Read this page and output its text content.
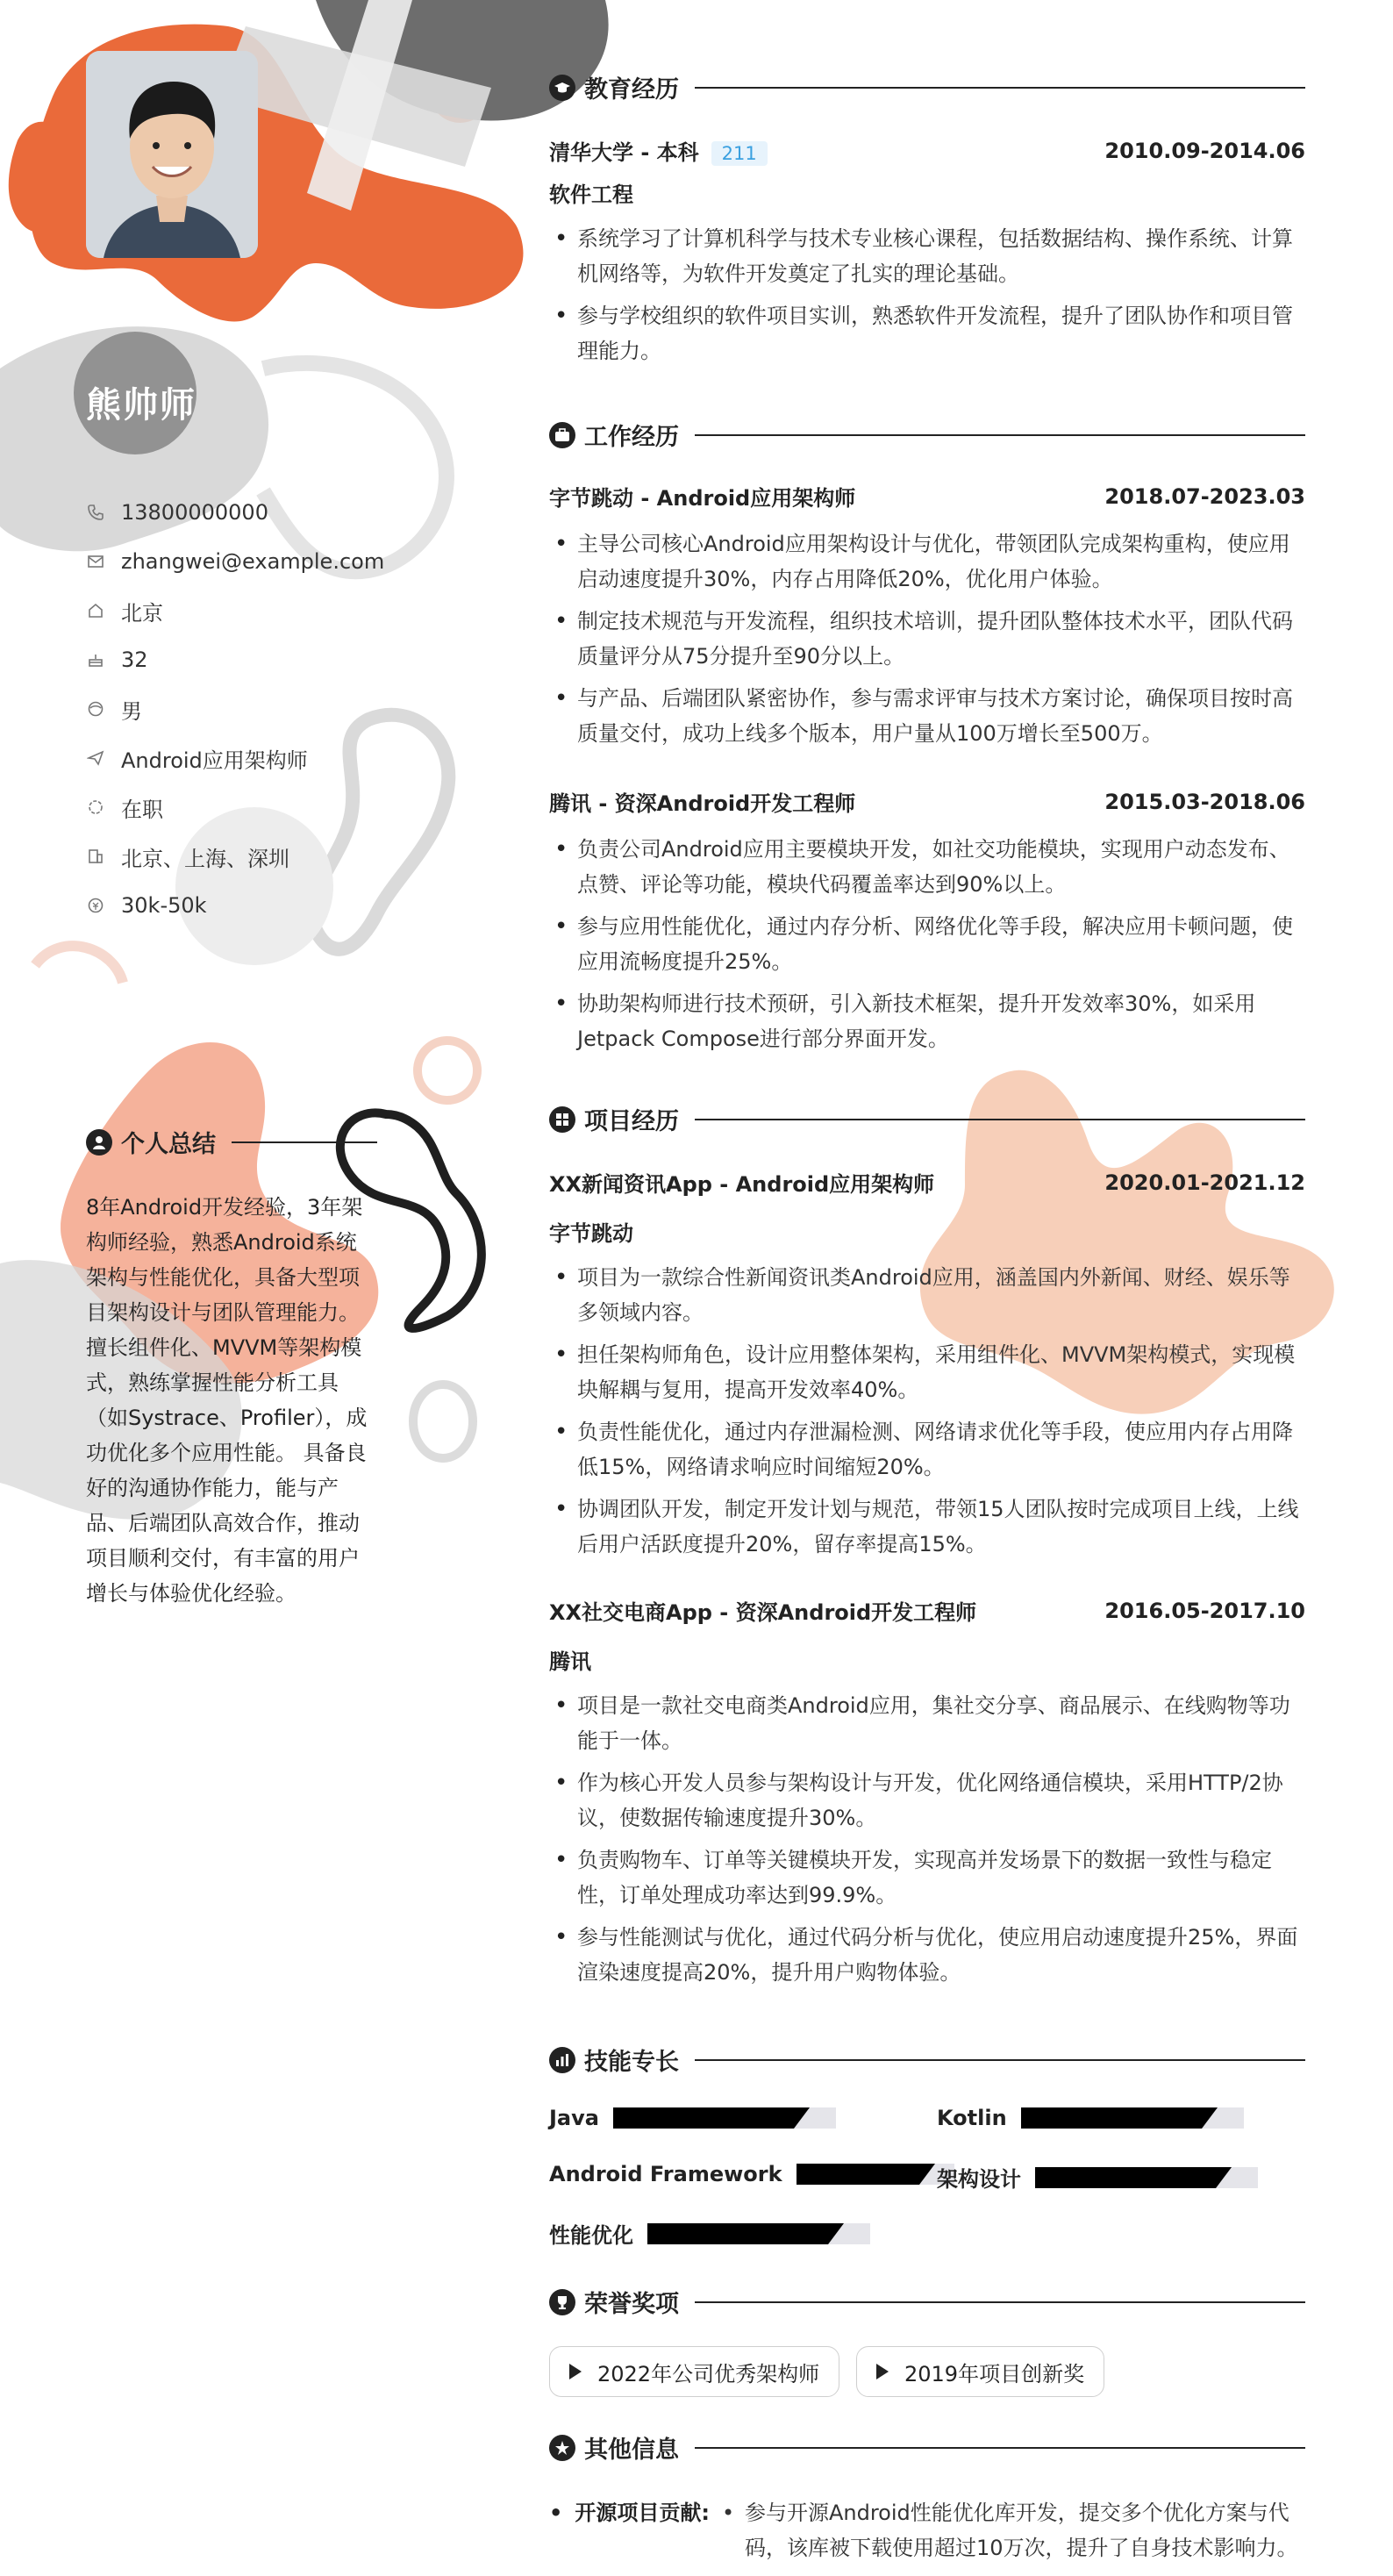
熊帅师
13800000000
zhangwei@example.com
北京
32
男
Android应用架构师
在职
北京、上海、深圳
30k-50k
个人总结
8年Android开发经验，3年架构师经验，熟悉Android系统架构与性能优化，具备大型项目架构设计与团队管理能力。 擅长组件化、MVVM等架构模式，熟练掌握性能分析工具（如Systrace、Profiler），成功优化多个应用性能。 具备良好的沟通协作能力，能与产品、后端团队高效合作，推动项目顺利交付，有丰富的用户增长与体验优化经验。
教育经历
清华大学 - 本科 211	2010.09-2014.06
软件工程
• 系统学习了计算机科学与技术专业核心课程，包括数据结构、操作系统、计算机网络等，为软件开发奠定了扎实的理论基础。
• 参与学校组织的软件项目实训，熟悉软件开发流程，提升了团队协作和项目管理能力。
工作经历
字节跳动 - Android应用架构师	2018.07-2023.03
• 主导公司核心Android应用架构设计与优化，带领团队完成架构重构，使应用启动速度提升30%，内存占用降低20%，优化用户体验。
• 制定技术规范与开发流程，组织技术培训，提升团队整体技术水平，团队代码质量评分从75分提升至90分以上。
• 与产品、后端团队紧密协作，参与需求评审与技术方案讨论，确保项目按时高质量交付，成功上线多个版本，用户量从100万增长至500万。
腾讯 - 资深Android开发工程师	2015.03-2018.06
• 负责公司Android应用主要模块开发，如社交功能模块，实现用户动态发布、点赞、评论等功能，模块代码覆盖率达到90%以上。
• 参与应用性能优化，通过内存分析、网络优化等手段，解决应用卡顿问题，使应用流畅度提升25%。
• 协助架构师进行技术预研，引入新技术框架，提升开发效率30%，如采用Jetpack Compose进行部分界面开发。
项目经历
XX新闻资讯App - Android应用架构师	2020.01-2021.12
字节跳动
• 项目为一款综合性新闻资讯类Android应用，涵盖国内外新闻、财经、娱乐等多领域内容。
• 担任架构师角色，设计应用整体架构，采用组件化、MVVM架构模式，实现模块解耦与复用，提高开发效率40%。
• 负责性能优化，通过内存泄漏检测、网络请求优化等手段，使应用内存占用降低15%，网络请求响应时间缩短20%。
• 协调团队开发，制定开发计划与规范，带领15人团队按时完成项目上线，上线后用户活跃度提升20%，留存率提高15%。
XX社交电商App - 资深Android开发工程师	2016.05-2017.10
腾讯
• 项目是一款社交电商类Android应用，集社交分享、商品展示、在线购物等功能于一体。
• 作为核心开发人员参与架构设计与开发，优化网络通信模块，采用HTTP/2协议，使数据传输速度提升30%。
• 负责购物车、订单等关键模块开发，实现高并发场景下的数据一致性与稳定性，订单处理成功率达到99.9%。
• 参与性能测试与优化，通过代码分析与优化，使应用启动速度提升25%，界面渲染速度提高20%，提升用户购物体验。
技能专长
Java	Kotlin
Android Framework	架构设计
性能优化
荣誉奖项
2022年公司优秀架构师	2019年项目创新奖
其他信息
• 开源项目贡献:
•	参与开源Android性能优化库开发，提交多个优化方案与代码，该库被下载使用超过10万次，提升了自身技术影响力。
